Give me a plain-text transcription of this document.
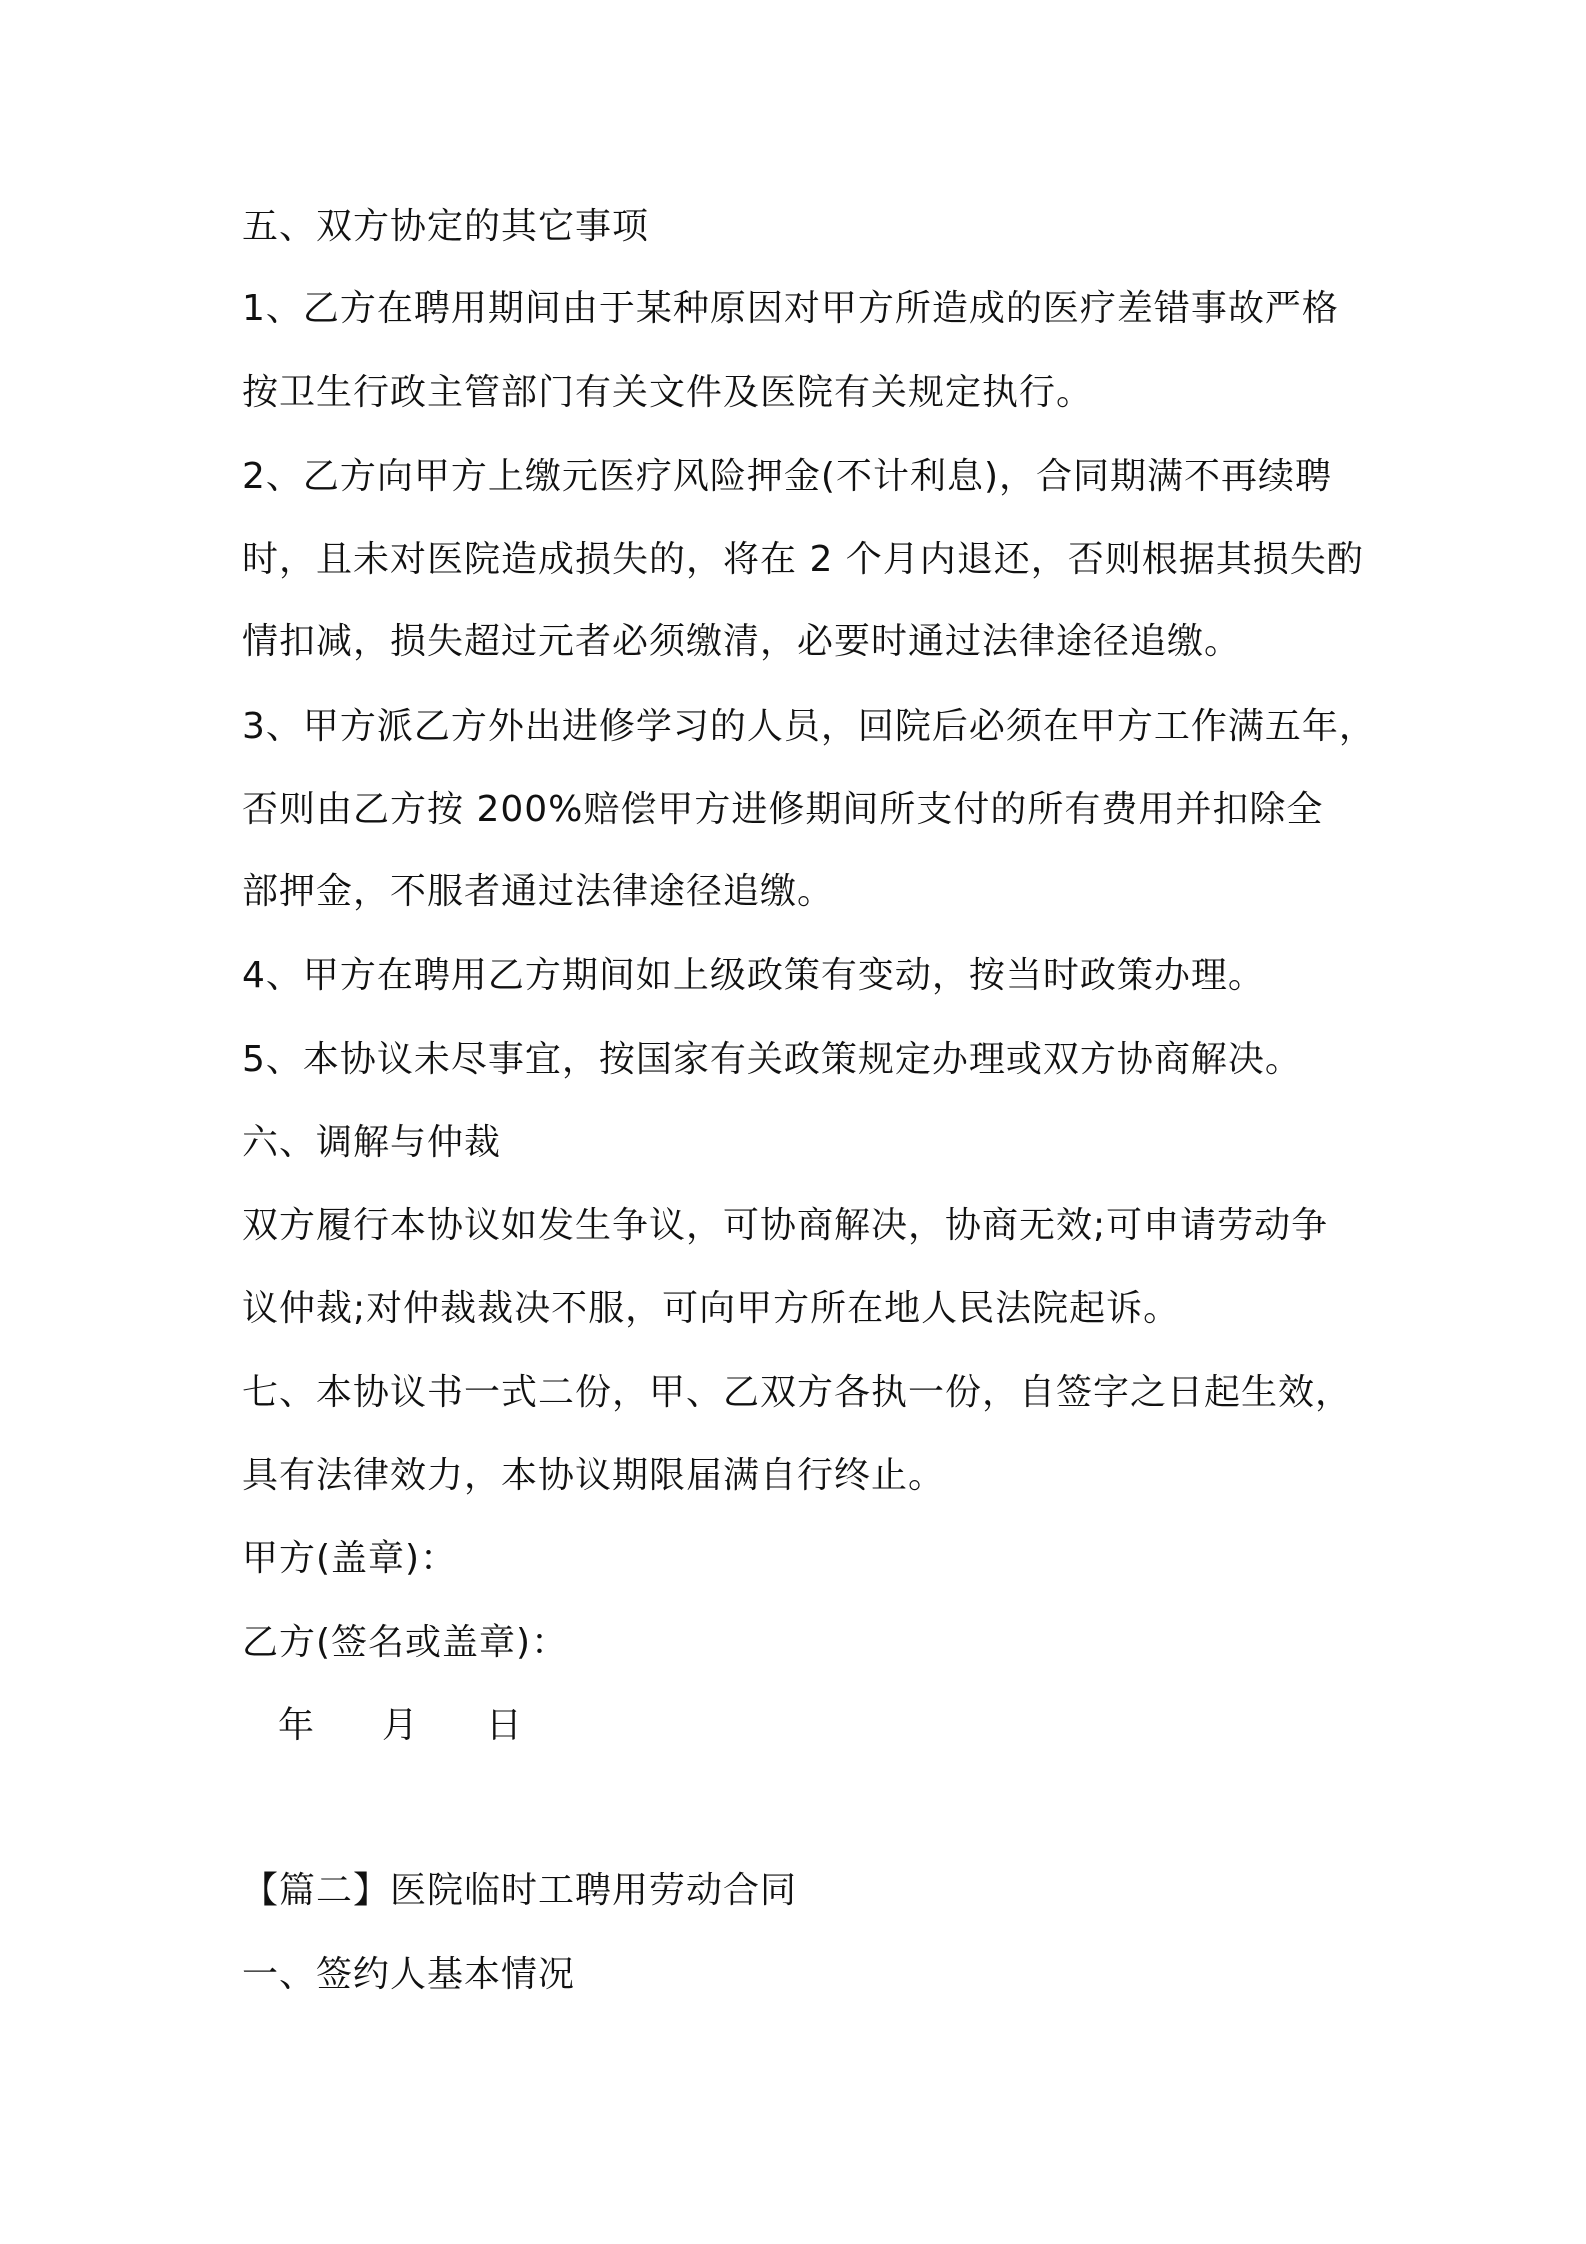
五、双方协定的其它事项
1、乙方在聘用期间由于某种原因对甲方所造成的医疗差错事故严格
按卫生行政主管部门有关文件及医院有关规定执行。
2、乙方向甲方上缴元医疗风险押金(不计利息)，合同期满不再续聘
时，且未对医院造成损失的，将在 2 个月内退还，否则根据其损失酌
情扣减，损失超过元者必须缴清，必要时通过法律途径追缴。
3、甲方派乙方外出进修学习的人员，回院后必须在甲方工作满五年，
否则由乙方按 200%赔偿甲方进修期间所支付的所有费用并扣除全
部押金，不服者通过法律途径追缴。
4、甲方在聘用乙方期间如上级政策有变动，按当时政策办理。
5、本协议未尽事宜，按国家有关政策规定办理或双方协商解决。
六、调解与仲裁
双方履行本协议如发生争议，可协商解决，协商无效;可申请劳动争
议仲裁;对仲裁裁决不服，可向甲方所在地人民法院起诉。
七、本协议书一式二份，甲、乙双方各执一份，自签字之日起生效，
具有法律效力，本协议期限届满自行终止。
甲方(盖章)：
乙方(签名或盖章)：
年 月 日
【篇二】医院临时工聘用劳动合同
一、签约人基本情况
